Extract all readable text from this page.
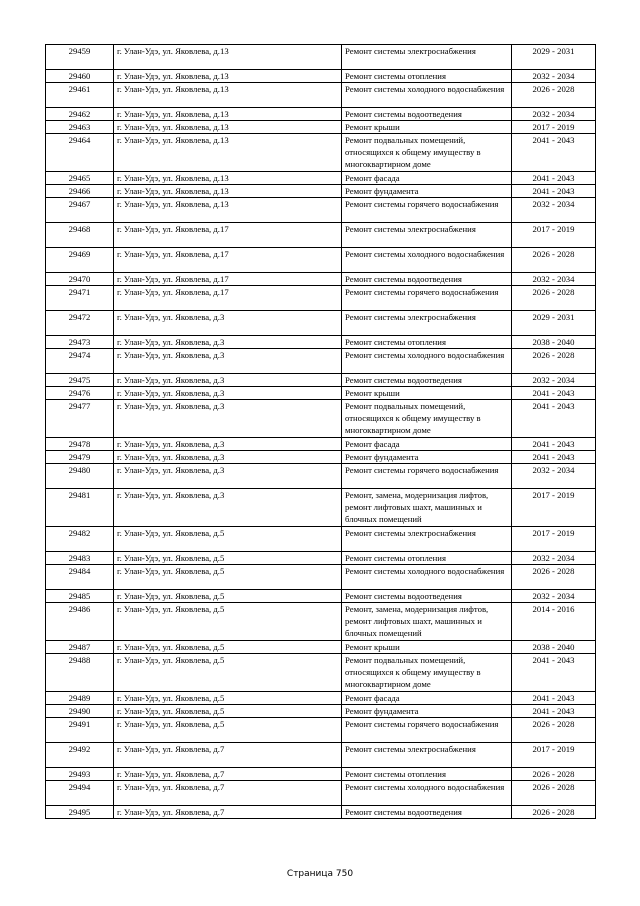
29459	г. Улан-Удэ, ул. Яковлева, д.13	Ремонт системы электроснабжения	2029 - 2031
29460	г. Улан-Удэ, ул. Яковлева, д.13	Ремонт системы отопления	2032 - 2034
29461	г. Улан-Удэ, ул. Яковлева, д.13	Ремонт системы холодного водоснабжения	2026 - 2028
29462	г. Улан-Удэ, ул. Яковлева, д.13	Ремонт системы водоотведения	2032 - 2034
29463	г. Улан-Удэ, ул. Яковлева, д.13	Ремонт крыши	2017 - 2019
29464	г. Улан-Удэ, ул. Яковлева, д.13	Ремонт подвальных помещений, относящихся к общему имуществу в многоквартирном доме	2041 - 2043
29465	г. Улан-Удэ, ул. Яковлева, д.13	Ремонт фасада	2041 - 2043
29466	г. Улан-Удэ, ул. Яковлева, д.13	Ремонт фундамента	2041 - 2043
29467	г. Улан-Удэ, ул. Яковлева, д.13	Ремонт системы горячего водоснабжения	2032 - 2034
29468	г. Улан-Удэ, ул. Яковлева, д.17	Ремонт системы электроснабжения	2017 - 2019
29469	г. Улан-Удэ, ул. Яковлева, д.17	Ремонт системы холодного водоснабжения	2026 - 2028
29470	г. Улан-Удэ, ул. Яковлева, д.17	Ремонт системы водоотведения	2032 - 2034
29471	г. Улан-Удэ, ул. Яковлева, д.17	Ремонт системы горячего водоснабжения	2026 - 2028
29472	г. Улан-Удэ, ул. Яковлева, д.3	Ремонт системы электроснабжения	2029 - 2031
29473	г. Улан-Удэ, ул. Яковлева, д.3	Ремонт системы отопления	2038 - 2040
29474	г. Улан-Удэ, ул. Яковлева, д.3	Ремонт системы холодного водоснабжения	2026 - 2028
29475	г. Улан-Удэ, ул. Яковлева, д.3	Ремонт системы водоотведения	2032 - 2034
29476	г. Улан-Удэ, ул. Яковлева, д.3	Ремонт крыши	2041 - 2043
29477	г. Улан-Удэ, ул. Яковлева, д.3	Ремонт подвальных помещений, относящихся к общему имуществу в многоквартирном доме	2041 - 2043
29478	г. Улан-Удэ, ул. Яковлева, д.3	Ремонт фасада	2041 - 2043
29479	г. Улан-Удэ, ул. Яковлева, д.3	Ремонт фундамента	2041 - 2043
29480	г. Улан-Удэ, ул. Яковлева, д.3	Ремонт системы горячего водоснабжения	2032 - 2034
29481	г. Улан-Удэ, ул. Яковлева, д.3	Ремонт, замена, модернизация лифтов, ремонт лифтовых шахт, машинных и блочных помещений	2017 - 2019
29482	г. Улан-Удэ, ул. Яковлева, д.5	Ремонт системы электроснабжения	2017 - 2019
29483	г. Улан-Удэ, ул. Яковлева, д.5	Ремонт системы отопления	2032 - 2034
29484	г. Улан-Удэ, ул. Яковлева, д.5	Ремонт системы холодного водоснабжения	2026 - 2028
29485	г. Улан-Удэ, ул. Яковлева, д.5	Ремонт системы водоотведения	2032 - 2034
29486	г. Улан-Удэ, ул. Яковлева, д.5	Ремонт, замена, модернизация лифтов, ремонт лифтовых шахт, машинных и блочных помещений	2014 - 2016
29487	г. Улан-Удэ, ул. Яковлева, д.5	Ремонт крыши	2038 - 2040
29488	г. Улан-Удэ, ул. Яковлева, д.5	Ремонт подвальных помещений, относящихся к общему имуществу в многоквартирном доме	2041 - 2043
29489	г. Улан-Удэ, ул. Яковлева, д.5	Ремонт фасада	2041 - 2043
29490	г. Улан-Удэ, ул. Яковлева, д.5	Ремонт фундамента	2041 - 2043
29491	г. Улан-Удэ, ул. Яковлева, д.5	Ремонт системы горячего водоснабжения	2026 - 2028
29492	г. Улан-Удэ, ул. Яковлева, д.7	Ремонт системы электроснабжения	2017 - 2019
29493	г. Улан-Удэ, ул. Яковлева, д.7	Ремонт системы отопления	2026 - 2028
29494	г. Улан-Удэ, ул. Яковлева, д.7	Ремонт системы холодного водоснабжения	2026 - 2028
29495	г. Улан-Удэ, ул. Яковлева, д.7	Ремонт системы водоотведения	2026 - 2028
Страница 750
